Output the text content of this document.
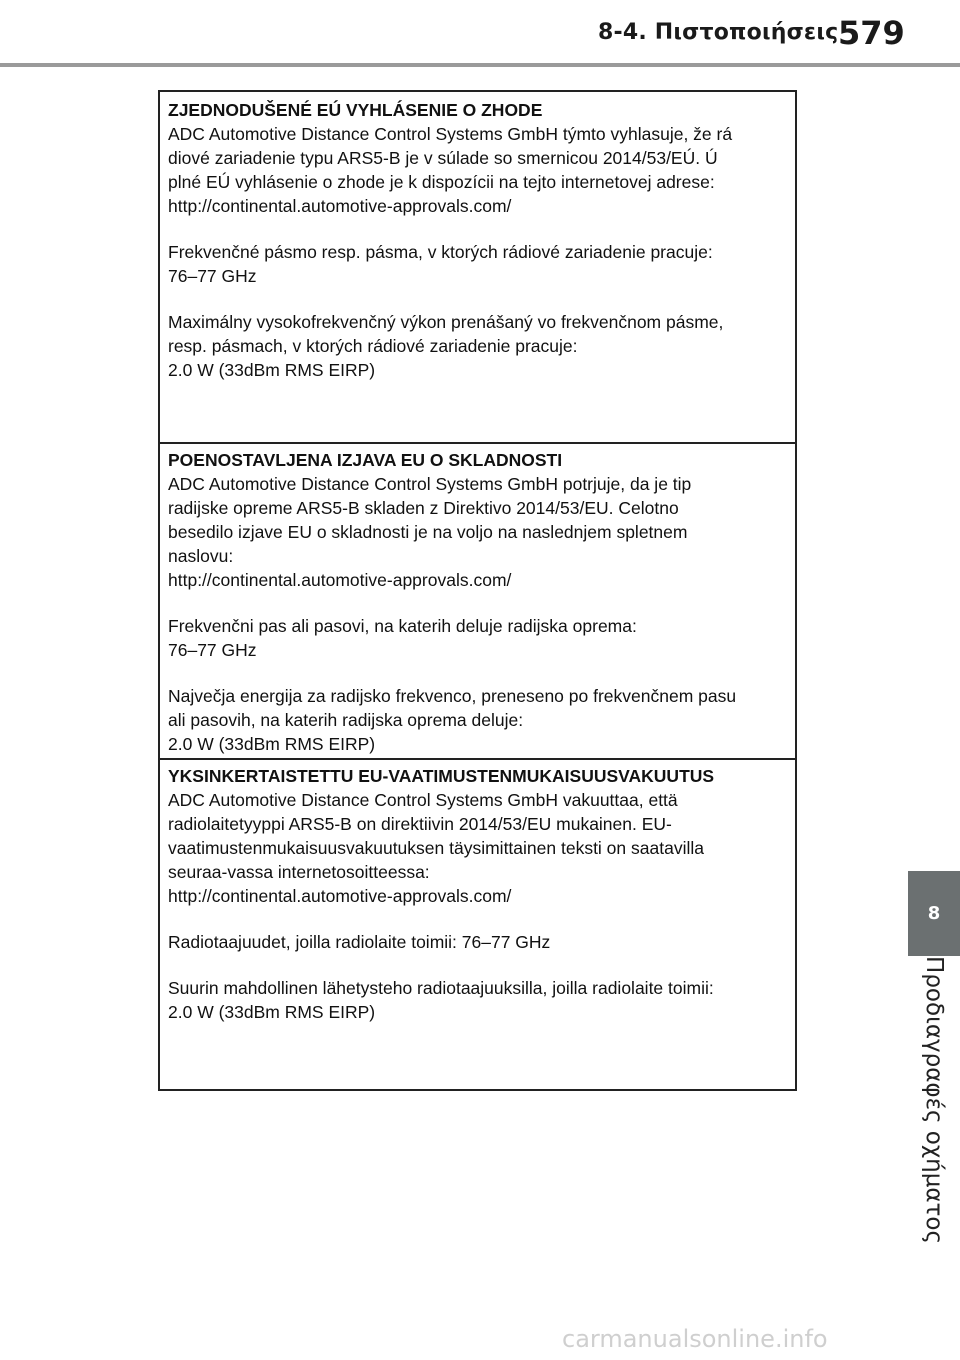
8-4. Πιστοποιήσεις 579

ZJEDNODUŠENÉ EÚ VYHLÁSENIE O ZHODE

ADC Automotive Distance Control Systems GmbH týmto vyhlasuje, že rá

diové zariadenie typu ARS5-B je v súlade so smernicou 2014/53/EÚ. Ú

plné EÚ vyhlásenie o zhode je k dispozícii na tejto internetovej adrese:

http://continental.automotive-approvals.com/

Frekvenčné pásmo resp. pásma, v ktorých rádiové zariadenie pracuje:

76–77 GHz

Maximálny vysokofrekvenčný výkon prenášaný vo frekvenčnom pásme,

resp. pásmach, v ktorých rádiové zariadenie pracuje:

2.0 W (33dBm RMS EIRP)

POENOSTAVLJENA IZJAVA EU O SKLADNOSTI

ADC Automotive Distance Control Systems GmbH potrjuje, da je tip

radijske opreme ARS5-B skladen z Direktivo 2014/53/EU. Celotno

besedilo izjave EU o skladnosti je na voljo na naslednjem spletnem

naslovu:

http://continental.automotive-approvals.com/

Frekvenčni pas ali pasovi, na katerih deluje radijska oprema:

76–77 GHz

Največja energija za radijsko frekvenco, preneseno po frekvenčnem pasu

ali pasovih, na katerih radijska oprema deluje:

2.0 W (33dBm RMS EIRP)

YKSINKERTAISTETTU EU-VAATIMUSTENMUKAISUUSVAKUUTUS

ADC Automotive Distance Control Systems GmbH vakuuttaa, että

radiolaitetyyppi ARS5-B on direktiivin 2014/53/EU mukainen. EU-

vaatimustenmukaisuusvakuutuksen täysimittainen teksti on saatavilla

seuraa-vassa internetosoitteessa:

http://continental.automotive-approvals.com/

Radiotaajuudet, joilla radiolaite toimii: 76–77 GHz

Suurin mahdollinen lähetysteho radiotaajuuksilla, joilla radiolaite toimii:

2.0 W (33dBm RMS EIRP)

8
Προδιαγραφές οχήματος
carmanualsonline.info
